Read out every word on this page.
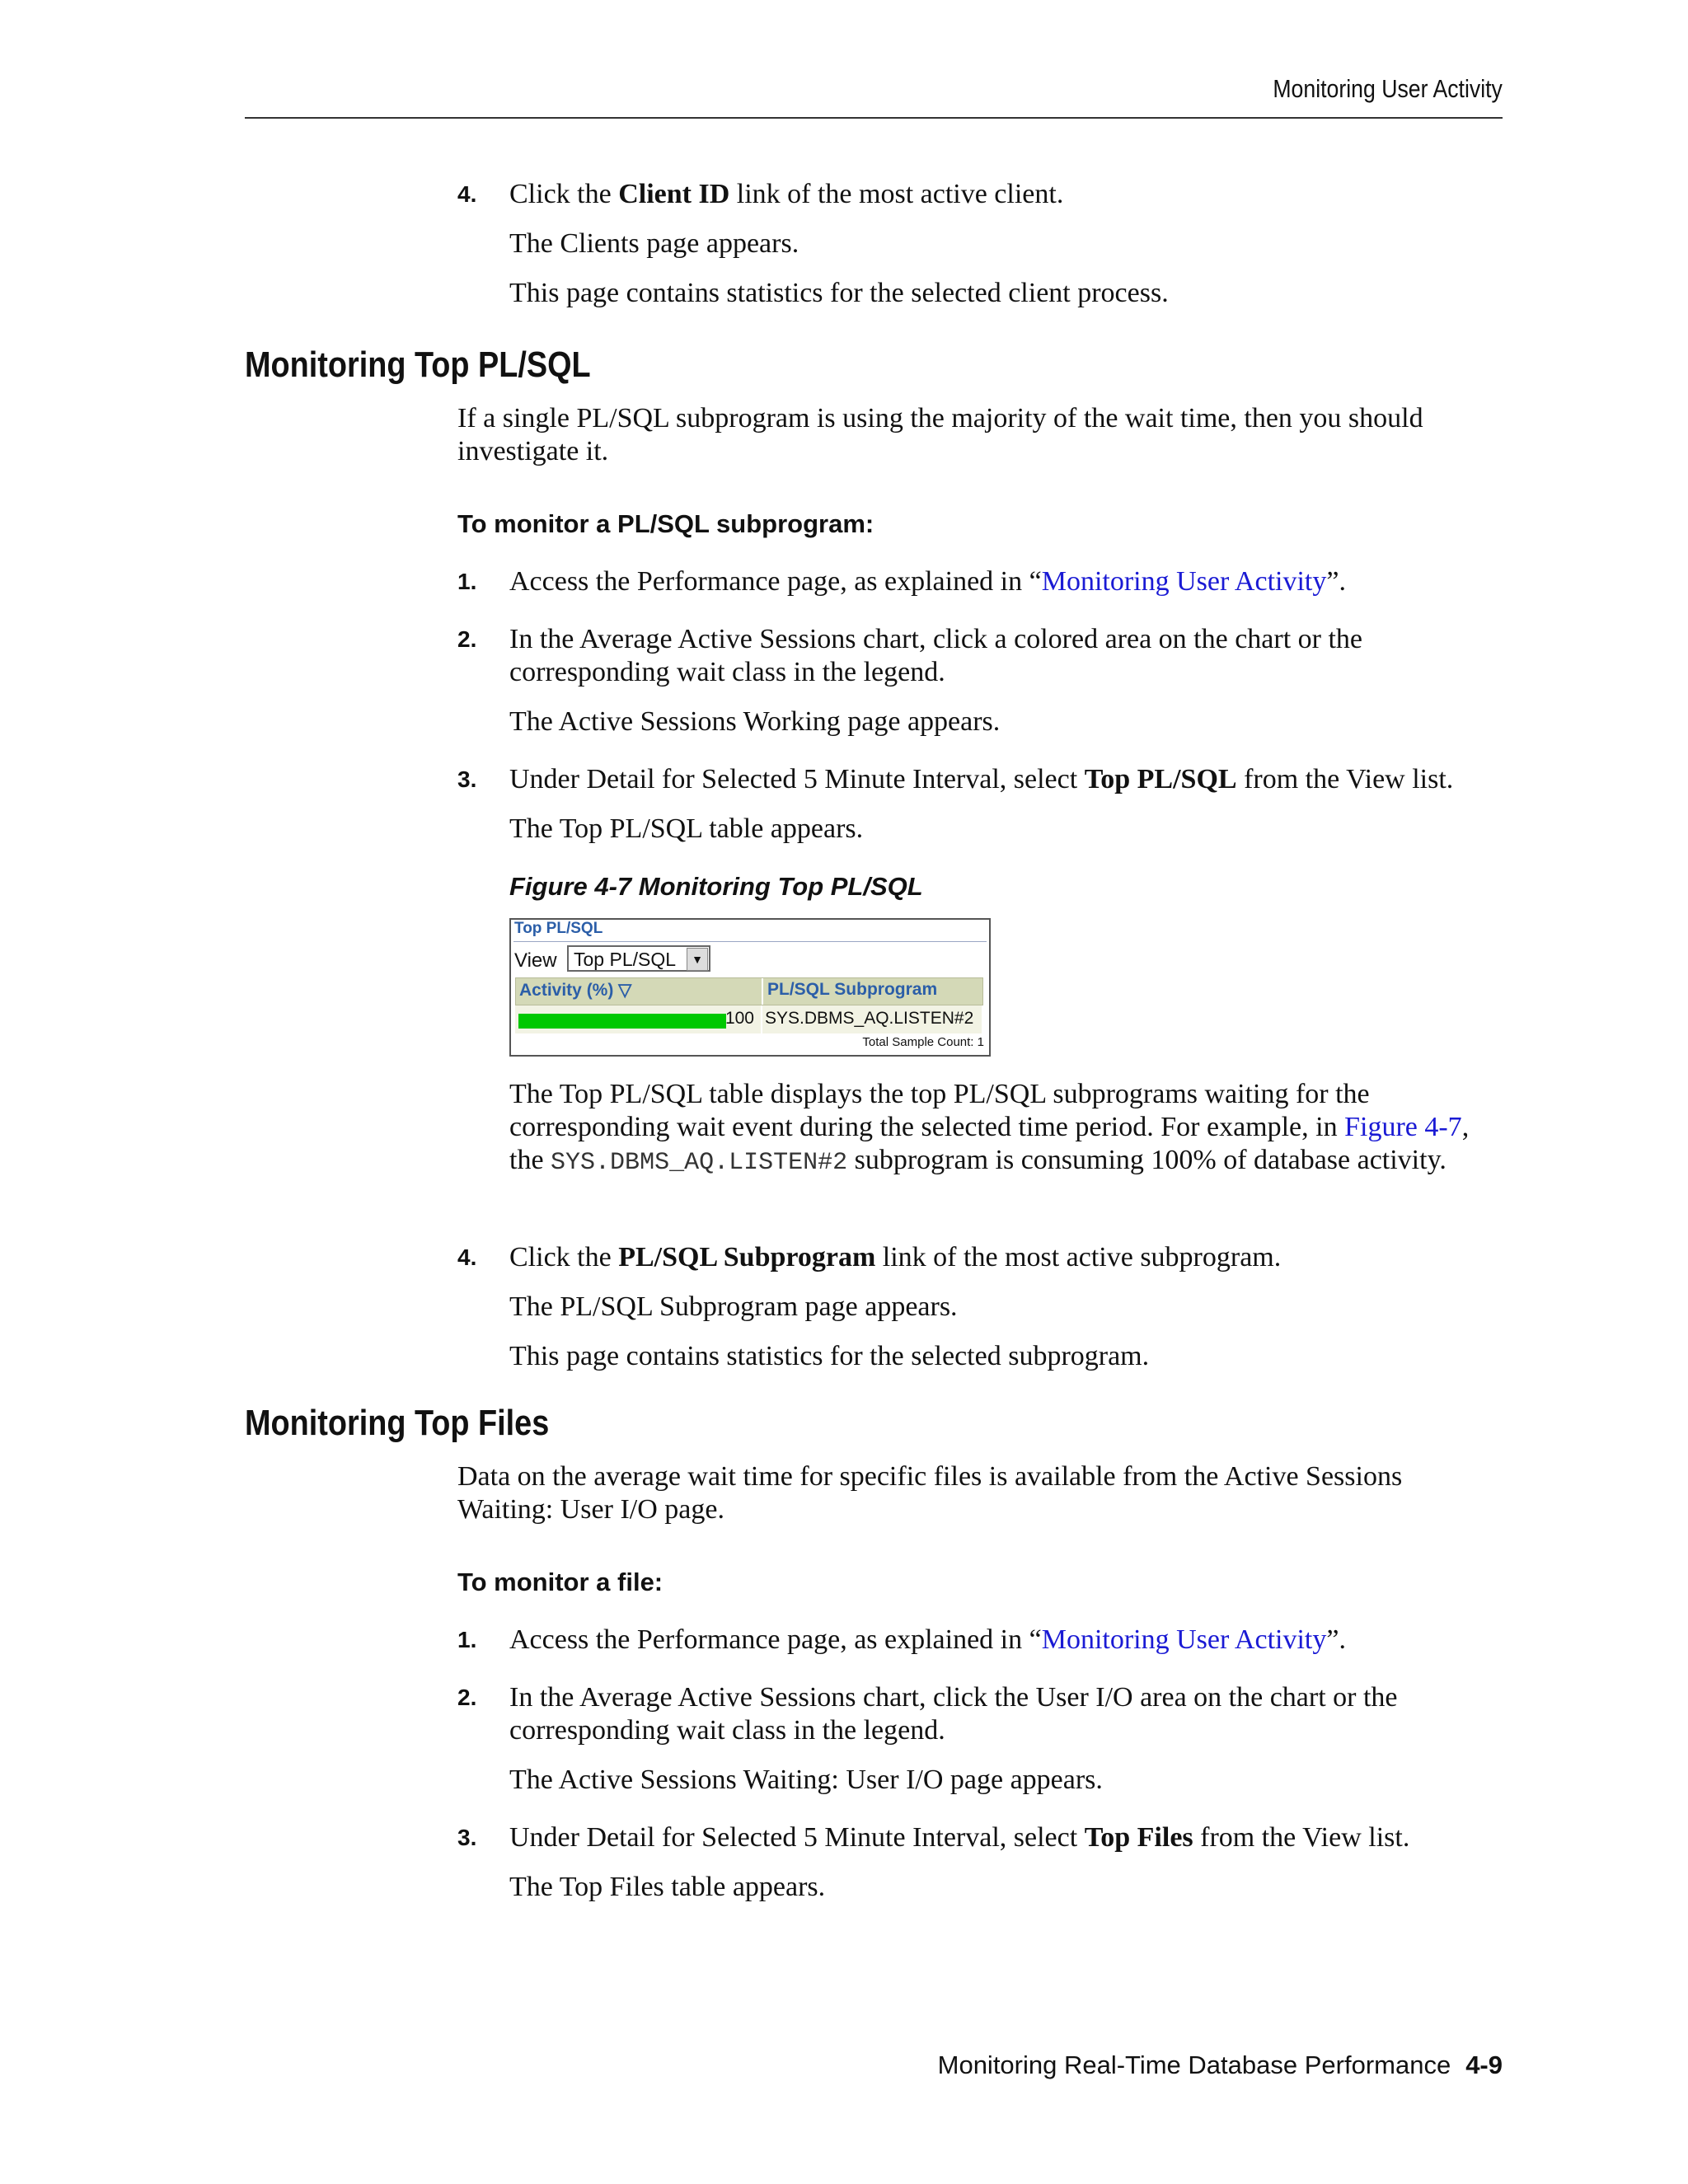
Monitoring User Activity
4. Click the Client ID link of the most active client.
The Clients page appears.
This page contains statistics for the selected client process.
Monitoring Top PL/SQL
If a single PL/SQL subprogram is using the majority of the wait time, then you should investigate it.
To monitor a PL/SQL subprogram:
1. Access the Performance page, as explained in “Monitoring User Activity”.
2. In the Average Active Sessions chart, click a colored area on the chart or the corresponding wait class in the legend.
The Active Sessions Working page appears.
3. Under Detail for Selected 5 Minute Interval, select Top PL/SQL from the View list.
The Top PL/SQL table appears.
Figure 4-7 Monitoring Top PL/SQL
Top PL/SQL
View Top PL/SQL	▼
Activity (%) ▽	PL/SQL Subprogram
100 SYS.DBMS_AQ.LISTEN#2
Total Sample Count: 1
The Top PL/SQL table displays the top PL/SQL subprograms waiting for the corresponding wait event during the selected time period. For example, in Figure 4-7, the SYS.DBMS_AQ.LISTEN#2 subprogram is consuming 100% of database activity.
4. Click the PL/SQL Subprogram link of the most active subprogram.
The PL/SQL Subprogram page appears.
This page contains statistics for the selected subprogram.
Monitoring Top Files
Data on the average wait time for specific files is available from the Active Sessions Waiting: User I/O page.
To monitor a file:
1. Access the Performance page, as explained in “Monitoring User Activity”.
2. In the Average Active Sessions chart, click the User I/O area on the chart or the corresponding wait class in the legend.
The Active Sessions Waiting: User I/O page appears.
3. Under Detail for Selected 5 Minute Interval, select Top Files from the View list.
The Top Files table appears.
Monitoring Real-Time Database Performance 4-9
